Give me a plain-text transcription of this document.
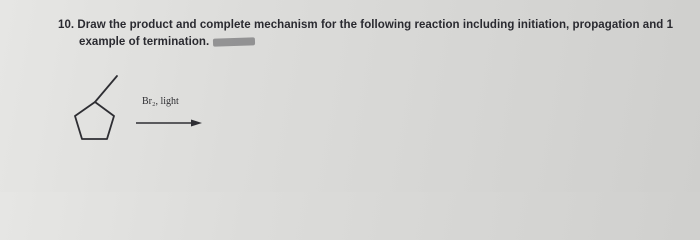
10. Draw the product and complete mechanism for the following reaction including initiation, propagation and 1
example of termination.
Br₂, light
